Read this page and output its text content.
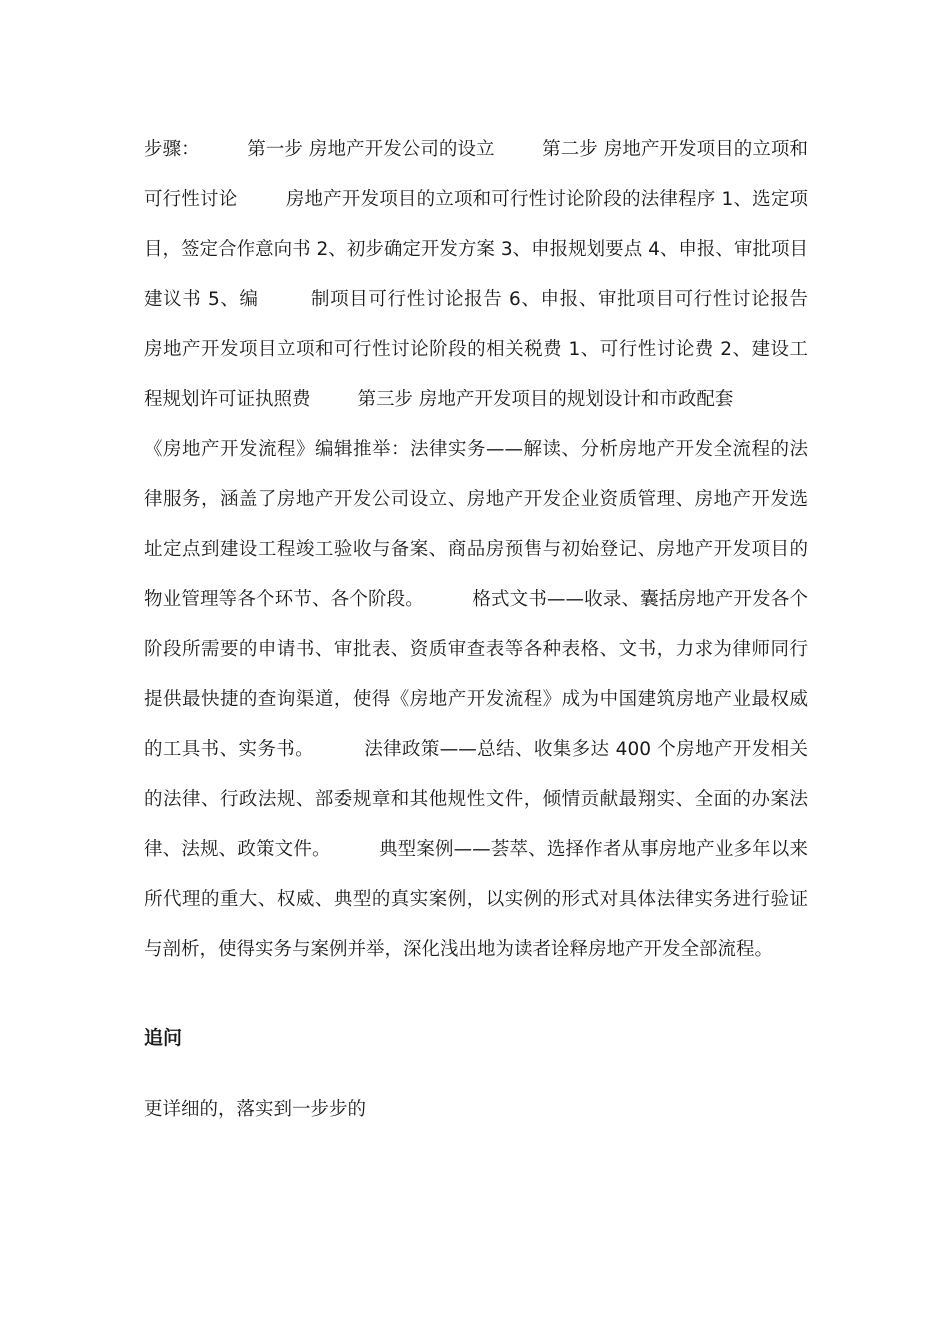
步骤：        第一步 房地产开发公司的设立        第二步 房地产开发项目的立项和可行性讨论        房地产开发项目的立项和可行性讨论阶段的法律程序 1、选定项目，签定合作意向书 2、初步确定开发方案 3、申报规划要点 4、申报、审批项目建议书 5、编        制项目可行性讨论报告 6、申报、审批项目可行性讨论报告        房地产开发项目立项和可行性讨论阶段的相关税费 1、可行性讨论费 2、建设工程规划许可证执照费        第三步 房地产开发项目的规划设计和市政配套

《房地产开发流程》编辑推举：法律实务——解读、分析房地产开发全流程的法律服务，涵盖了房地产开发公司设立、房地产开发企业资质管理、房地产开发选址定点到建设工程竣工验收与备案、商品房预售与初始登记、房地产开发项目的物业管理等各个环节、各个阶段。        格式文书——收录、囊括房地产开发各个阶段所需要的申请书、审批表、资质审查表等各种表格、文书，力求为律师同行提供最快捷的查询渠道，使得《房地产开发流程》成为中国建筑房地产业最权威的工具书、实务书。        法律政策——总结、收集多达 400 个房地产开发相关的法律、行政法规、部委规章和其他规性文件，倾情贡献最翔实、全面的办案法律、法规、政策文件。        典型案例——荟萃、选择作者从事房地产业多年以来所代理的重大、权威、典型的真实案例，以实例的形式对具体法律实务进行验证与剖析，使得实务与案例并举，深化浅出地为读者诠释房地产开发全部流程。

追问

更详细的，落实到一步步的
